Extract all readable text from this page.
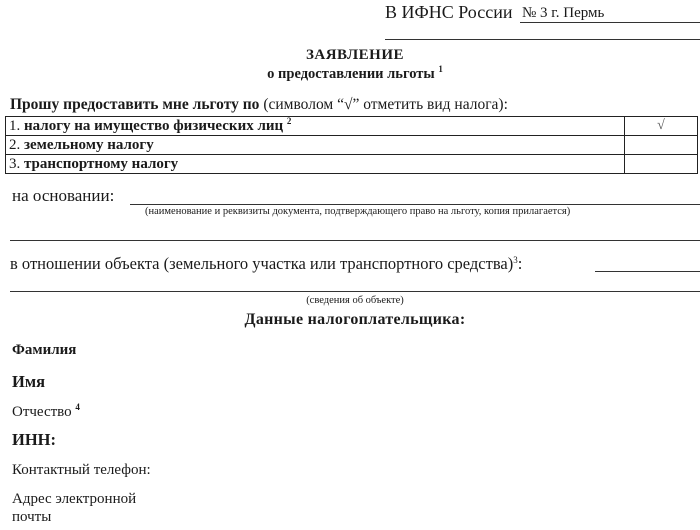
В ИФНС России № 3 г. Пермь
ЗАЯВЛЕНИЕ
о предоставлении льготы $^1$
Прошу предоставить мне льготу по (символом “√” отметить вид налога):
1. налогу на имущество физических лиц $^2$	√
2. земельному налогу	
3. транспортному налогу	
на основании:
(наименование и реквизиты документа, подтверждающего право на льготу, копия прилагается)
в отношении объекта (земельного участка или транспортного средства)$^3$:
(сведения об объекте)
Данные налогоплательщика:
Фамилия
Имя
Отчество $^4$
ИНН:
Контактный телефон:
Адрес электронной почты
